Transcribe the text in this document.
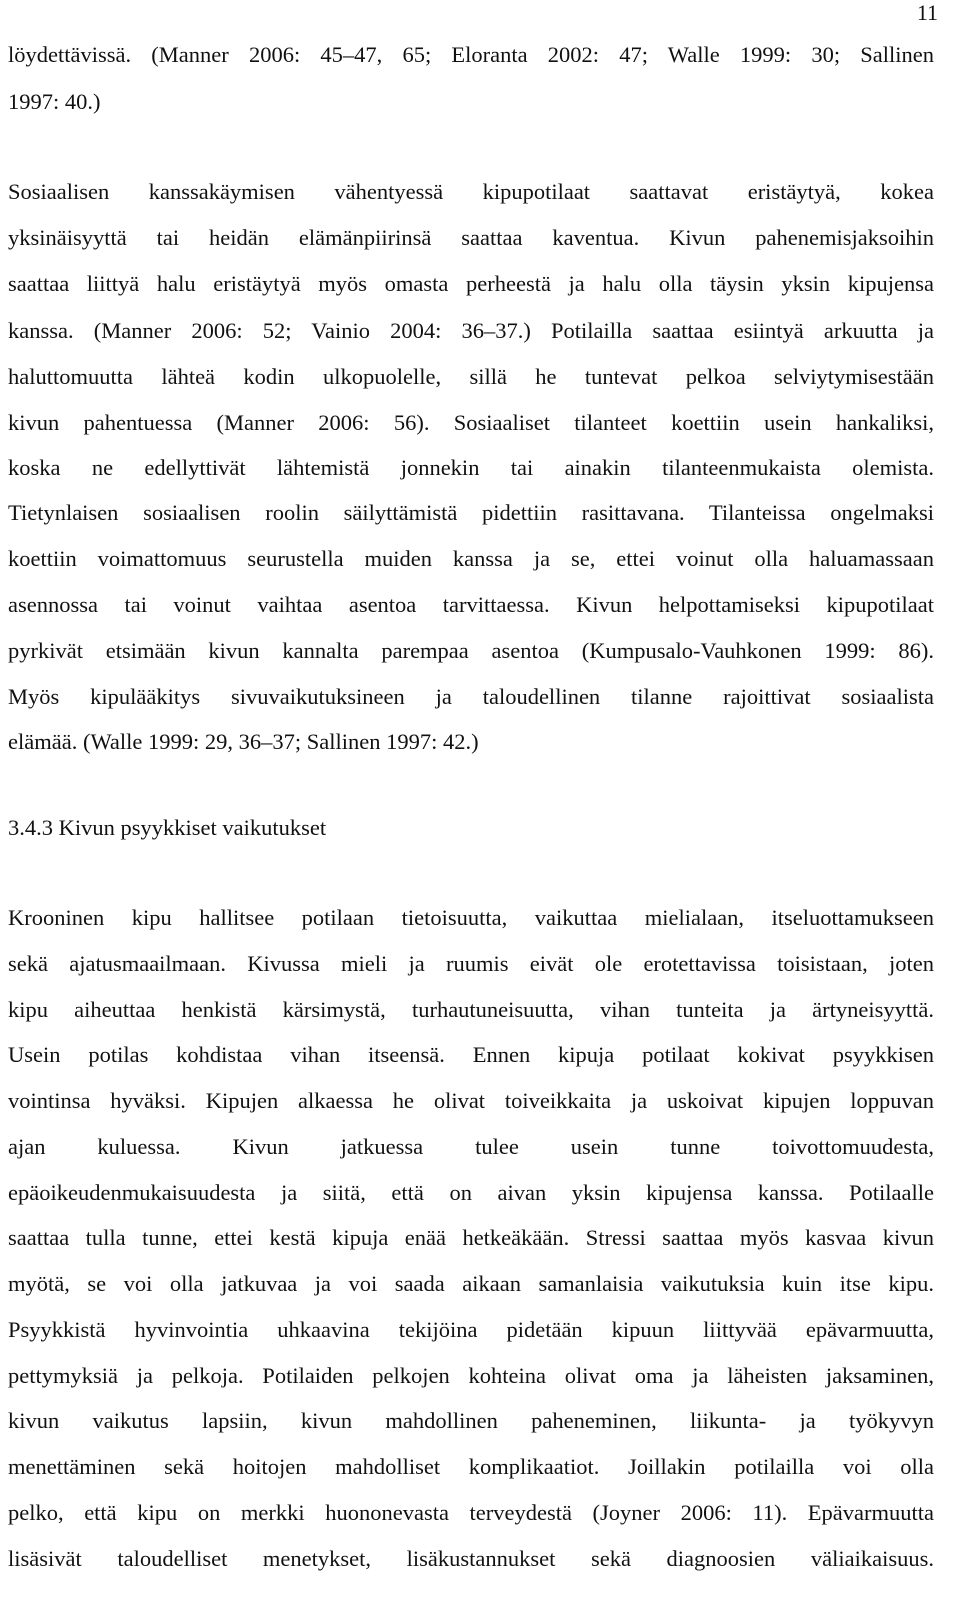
11
löydettävissä. (Manner 2006: 45–47, 65; Eloranta 2002: 47; Walle 1999: 30; Sallinen
1997: 40.)
Sosiaalisen kanssakäymisen vähentyessä kipupotilaat saattavat eristäytyä, kokea
yksinäisyyttä tai heidän elämänpiirinsä saattaa kaventua. Kivun pahenemisjaksoihin
saattaa liittyä halu eristäytyä myös omasta perheestä ja halu olla täysin yksin kipujensa
kanssa. (Manner 2006: 52; Vainio 2004: 36–37.) Potilailla saattaa esiintyä arkuutta ja
haluttomuutta lähteä kodin ulkopuolelle, sillä he tuntevat pelkoa selviytymisestään
kivun pahentuessa (Manner 2006: 56). Sosiaaliset tilanteet koettiin usein hankaliksi,
koska ne edellyttivät lähtemistä jonnekin tai ainakin tilanteenmukaista olemista.
Tietynlaisen sosiaalisen roolin säilyttämistä pidettiin rasittavana. Tilanteissa ongelmaksi
koettiin voimattomuus seurustella muiden kanssa ja se, ettei voinut olla haluamassaan
asennossa tai voinut vaihtaa asentoa tarvittaessa. Kivun helpottamiseksi kipupotilaat
pyrkivät etsimään kivun kannalta parempaa asentoa (Kumpusalo-Vauhkonen 1999: 86).
Myös kipulääkitys sivuvaikutuksineen ja taloudellinen tilanne rajoittivat sosiaalista
elämää. (Walle 1999: 29, 36–37; Sallinen 1997: 42.)
3.4.3 Kivun psyykkiset vaikutukset
Krooninen kipu hallitsee potilaan tietoisuutta, vaikuttaa mielialaan, itseluottamukseen
sekä ajatusmaailmaan. Kivussa mieli ja ruumis eivät ole erotettavissa toisistaan, joten
kipu aiheuttaa henkistä kärsimystä, turhautuneisuutta, vihan tunteita ja ärtyneisyyttä.
Usein potilas kohdistaa vihan itseensä. Ennen kipuja potilaat kokivat psyykkisen
vointinsa hyväksi. Kipujen alkaessa he olivat toiveikkaita ja uskoivat kipujen loppuvan
ajan kuluessa. Kivun jatkuessa tulee usein tunne toivottomuudesta,
epäoikeudenmukaisuudesta ja siitä, että on aivan yksin kipujensa kanssa. Potilaalle
saattaa tulla tunne, ettei kestä kipuja enää hetkeäkään. Stressi saattaa myös kasvaa kivun
myötä, se voi olla jatkuvaa ja voi saada aikaan samanlaisia vaikutuksia kuin itse kipu.
Psyykkistä hyvinvointia uhkaavina tekijöina pidetään kipuun liittyvää epävarmuutta,
pettymyksiä ja pelkoja. Potilaiden pelkojen kohteina olivat oma ja läheisten jaksaminen,
kivun vaikutus lapsiin, kivun mahdollinen paheneminen, liikunta- ja työkyvyn
menettäminen sekä hoitojen mahdolliset komplikaatiot. Joillakin potilailla voi olla
pelko, että kipu on merkki huononevasta terveydestä (Joyner 2006: 11). Epävarmuutta
lisäsivät taloudelliset menetykset, lisäkustannukset sekä diagnoosien väliaikaisuus.
